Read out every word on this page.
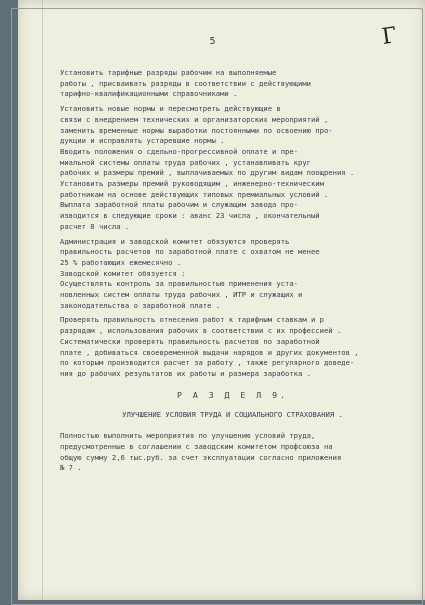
5	Г

Установить тарифные разряды рабочим на выполняемые

работы , присваивать разряды в соответствии с действующими

тарифно-квалификационными справочниками .

Установить новые нормы и пересмотреть действующие в

связи с внедрением технических и организаторских мероприятий ,

заменить временные нормы выработки постоянными по освоению про-

дукции и исправлять устаревшие нормы .

Вводить положения о сдельно-прогрессивной оплате и пре-

миальной системы оплаты труда рабочих , устанавливать круг

рабочих и размеры премий , выплачиваемых по другим видам поощрения .

Установить размеры премий руководящим , инженерно-техническим

работникам на основе действующих типовых премиальных условий .

Выплата заработной платы рабочим и служащим завода про-

изводится в следующие сроки : аванс 23 числа , окончательный

расчет 8 числа .

Администрация и заводской комитет обязуются проверять

правильность расчетов по заработной плате с охватом не менее

25 % работающих ежемесячно .

Заводской комитет обязуется :

Осуществлять контроль за правильностью применения уста-

новленных систем оплаты труда рабочих , ИТР и служащих и

законодательства о заработной плате .

Проверять правильность отнесения работ к тарифным ставкам и р

разрядам , использования рабочих в соответствии с их профессией .

Систематически проверять правильность расчетов по заработной

плате , добиваться своевременной выдачи нарядов и других документов ,

по которым производится расчет за работу , также регулярного доведе-

ния до рабочих результатов их работы и размера заработка .

Р А З Д Е Л 9.

УЛУЧШЕНИЕ УСЛОВИЯ ТРУДА И СОЦИАЛЬНОГО СТРАХОВАНИЯ .

Полностью выполнить мероприятия по улучшению условий труда,

предусмотренные в соглашении с заводским комитетом профсоюза на

общую сумму 2,6 тыс.руб. за счет эксплуатации согласно приложения

№ 7 .
